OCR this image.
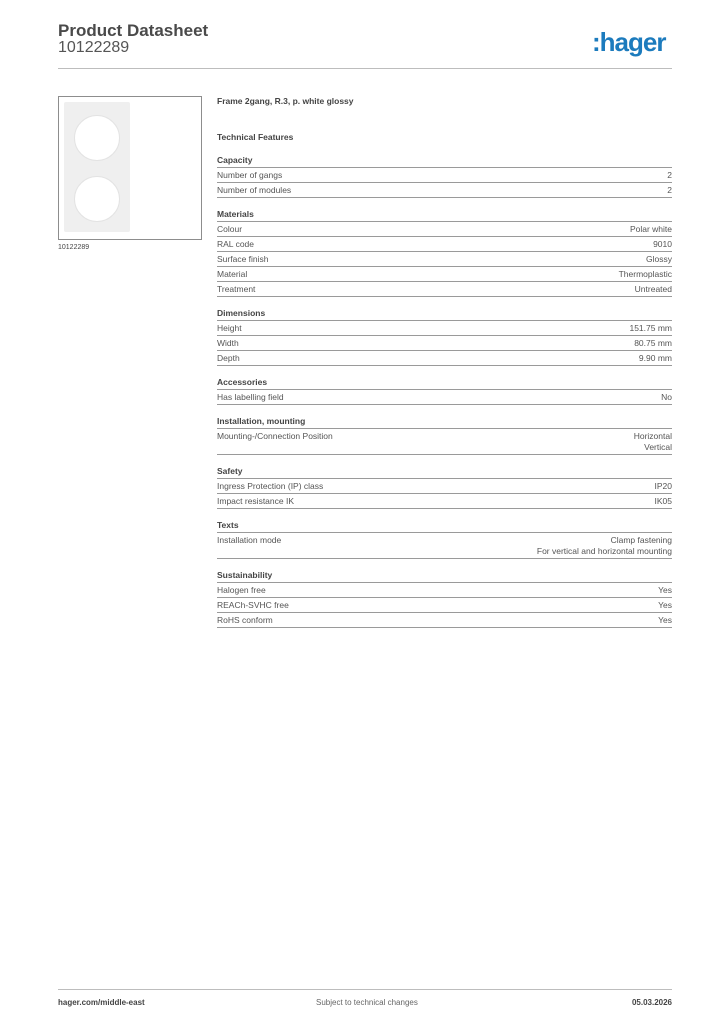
Product Datasheet
10122289	:hager
10122289
Frame 2gang, R.3, p. white glossy
Technical Features
Capacity
Number of gangs	2
Number of modules	2
Materials
Colour	Polar white
RAL code	9010
Surface finish	Glossy
Material	Thermoplastic
Treatment	Untreated
Dimensions
Height	151.75 mm
Width	80.75 mm
Depth	9.90 mm
Accessories
Has labelling field	No
Installation, mounting
Mounting-/Connection Position	Horizontal
Vertical
Safety
Ingress Protection (IP) class	IP20
Impact resistance IK	IK05
Texts
Installation mode	Clamp fastening
For vertical and horizontal mounting
Sustainability
Halogen free	Yes
REACh-SVHC free	Yes
RoHS conform	Yes
hager.com/middle-east	Subject to technical changes	05.03.2026
